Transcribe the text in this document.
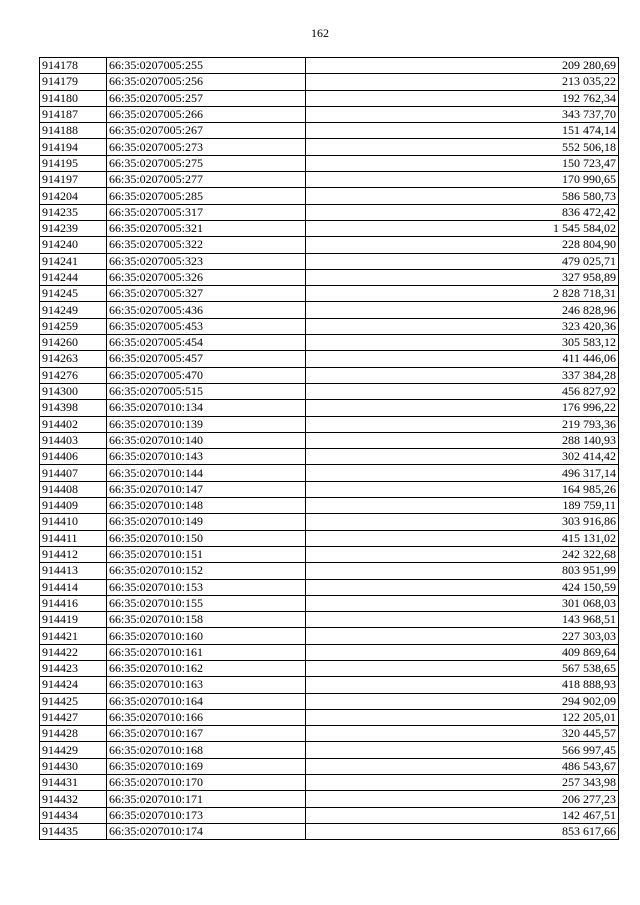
162
914178	66:35:0207005:255	209 280,69
914179	66:35:0207005:256	213 035,22
914180	66:35:0207005:257	192 762,34
914187	66:35:0207005:266	343 737,70
914188	66:35:0207005:267	151 474,14
914194	66:35:0207005:273	552 506,18
914195	66:35:0207005:275	150 723,47
914197	66:35:0207005:277	170 990,65
914204	66:35:0207005:285	586 580,73
914235	66:35:0207005:317	836 472,42
914239	66:35:0207005:321	1 545 584,02
914240	66:35:0207005:322	228 804,90
914241	66:35:0207005:323	479 025,71
914244	66:35:0207005:326	327 958,89
914245	66:35:0207005:327	2 828 718,31
914249	66:35:0207005:436	246 828,96
914259	66:35:0207005:453	323 420,36
914260	66:35:0207005:454	305 583,12
914263	66:35:0207005:457	411 446,06
914276	66:35:0207005:470	337 384,28
914300	66:35:0207005:515	456 827,92
914398	66:35:0207010:134	176 996,22
914402	66:35:0207010:139	219 793,36
914403	66:35:0207010:140	288 140,93
914406	66:35:0207010:143	302 414,42
914407	66:35:0207010:144	496 317,14
914408	66:35:0207010:147	164 985,26
914409	66:35:0207010:148	189 759,11
914410	66:35:0207010:149	303 916,86
914411	66:35:0207010:150	415 131,02
914412	66:35:0207010:151	242 322,68
914413	66:35:0207010:152	803 951,99
914414	66:35:0207010:153	424 150,59
914416	66:35:0207010:155	301 068,03
914419	66:35:0207010:158	143 968,51
914421	66:35:0207010:160	227 303,03
914422	66:35:0207010:161	409 869,64
914423	66:35:0207010:162	567 538,65
914424	66:35:0207010:163	418 888,93
914425	66:35:0207010:164	294 902,09
914427	66:35:0207010:166	122 205,01
914428	66:35:0207010:167	320 445,57
914429	66:35:0207010:168	566 997,45
914430	66:35:0207010:169	486 543,67
914431	66:35:0207010:170	257 343,98
914432	66:35:0207010:171	206 277,23
914434	66:35:0207010:173	142 467,51
914435	66:35:0207010:174	853 617,66
